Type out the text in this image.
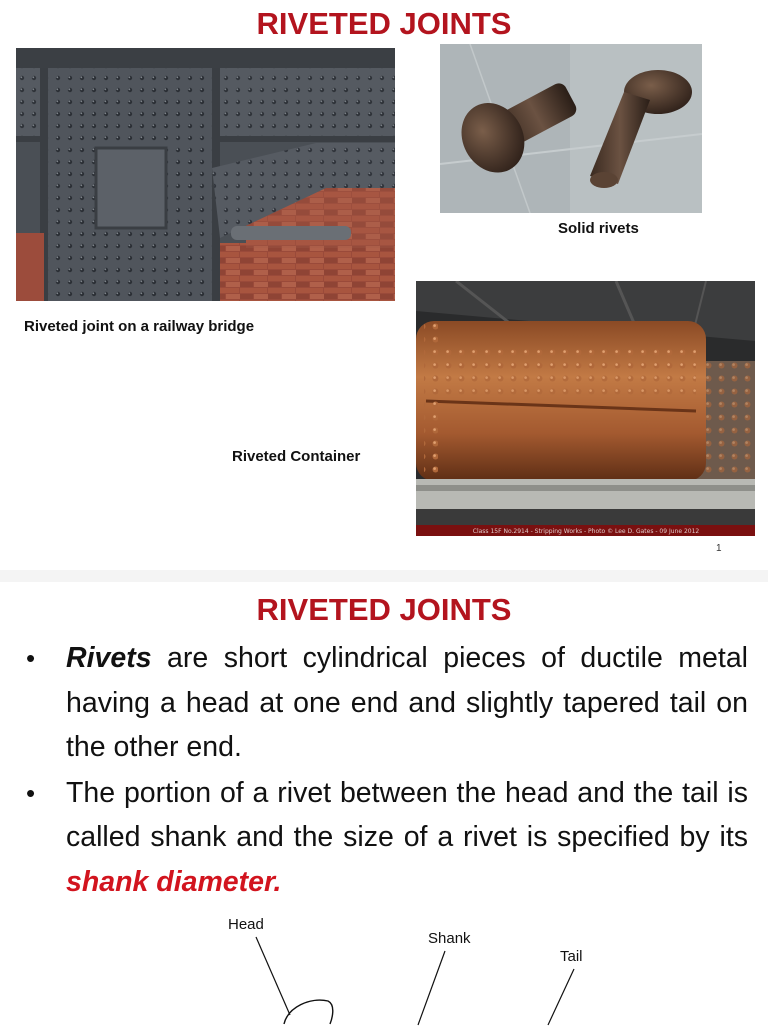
RIVETED JOINTS
Riveted joint on a railway bridge
Solid rivets
Class 15F No.2914 - Stripping Works - Photo © Lee D. Gates - 09 June 2012
Riveted Container
1
RIVETED JOINTS
• Rivets are short cylindrical pieces of ductile metal having a head at one end and slightly tapered tail on the other end.
• The portion of a rivet between the head and the tail is called shank and the size of a rivet is specified by its shank diameter.
Head
Shank
Tail
